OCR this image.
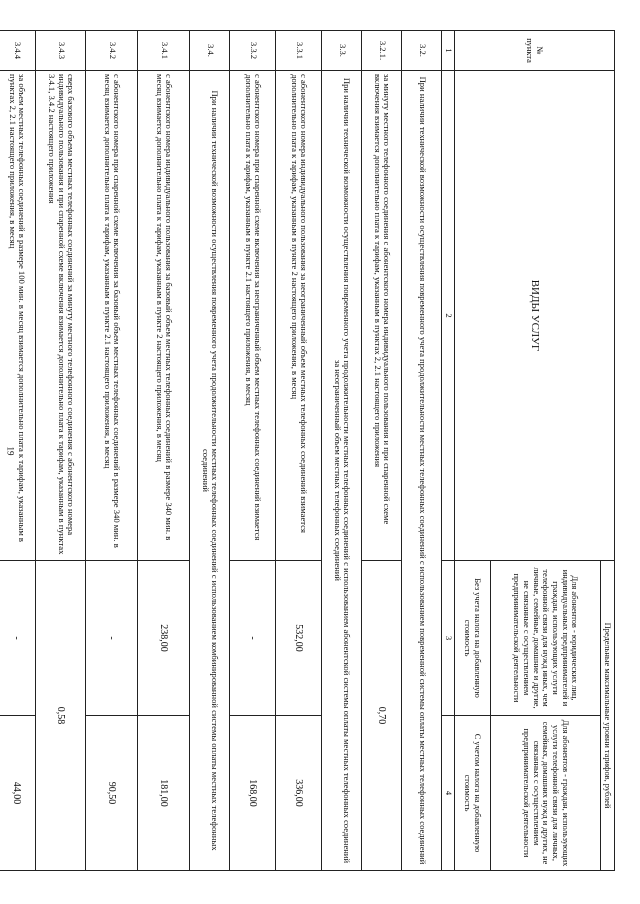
19
№
пункта	ВИДЫ УСЛУГ	Предельные максимальные уровни тарифов, рублей	
		Для абонентов - юридических лиц, индивидуальных предпринимателей и граждан, использующих услуги телефонной связи для нужд иных, чем личные, семейные, домашние и другие, не связанные с осуществлением предпринимательской деятельности	Для абонентов - граждан, использующих услуги телефонной связи для личных, семейных, домашних нужд и других, не связанных с осуществлением предпринимательской деятельности
		Без учета налога на добавленную стоимость	С учетом налога на добавленную стоимость
1	2	3	4
3.2.	При наличии технической возможности осуществления повременного учета продолжительности местных телефонных соединений с использованием повременной системы оплаты местных телефонных соединений		
3.2.1.	за минуту местного телефонного соединения с абонентского номера индивидуального пользования и при спаренной схеме включения взимается дополнительно плата к тарифам, указанным в пунктах 2, 2.1 настоящего приложения	0,70	
3.3.	При наличии технической возможности осуществления повременного учета продолжительности местных телефонных соединений с использованием абонентской системы оплаты местных телефонных соединений за неограниченный объем местных телефонных соединений		
3.3.1	с абонентского номера индивидуального пользования за неограниченный объем местных телефонных соединений взимается дополнительно плата к тарифам, указанным в пункте 2 настоящего приложения, в месяц	532,00	336,00
3.3.2	с абонентского номера при спаренной схеме включения за неограниченный объем местных телефонных соединений взимается дополнительно плата к тарифам, указанным в пункте 2.1 настоящего приложения, в месяц	-	168,00
3.4.	При наличии технической возможности осуществления повременного учета продолжительности местных телефонных соединений с использованием комбинированной системы оплаты местных телефонных соединений		
3.4.1	с абонентского номера индивидуального пользования за базовый объем местных телефонных соединений в размере 340 мин. в месяц взимается дополнительно плата к тарифам, указанным в пункте 2 настоящего приложения, в месяц	238,00	181,00
3.4.2	с абонентского номера при спаренной схеме включения за базовый объем местных телефонных соединений в размере 340 мин. в месяц взимается дополнительно плата к тарифам, указанным в пункте 2.1 настоящего приложения, в месяц	-	90,50
3.4.3	сверх базового объема местных телефонных соединений за минуту местного телефонного соединения с абонентского номера индивидуального пользования и при спаренной схеме включения взимается дополнительно плата к тарифам, указанным в пунктах 3.4.1, 3.4.2 настоящего приложения	0,58	
3.4.4	за объем местных телефонных соединений в размере 100 мин. в месяц взимается дополнительно плата к тарифам, указанным в пунктах 2, 2.1 настоящего приложения, в месяц	-	44,00
